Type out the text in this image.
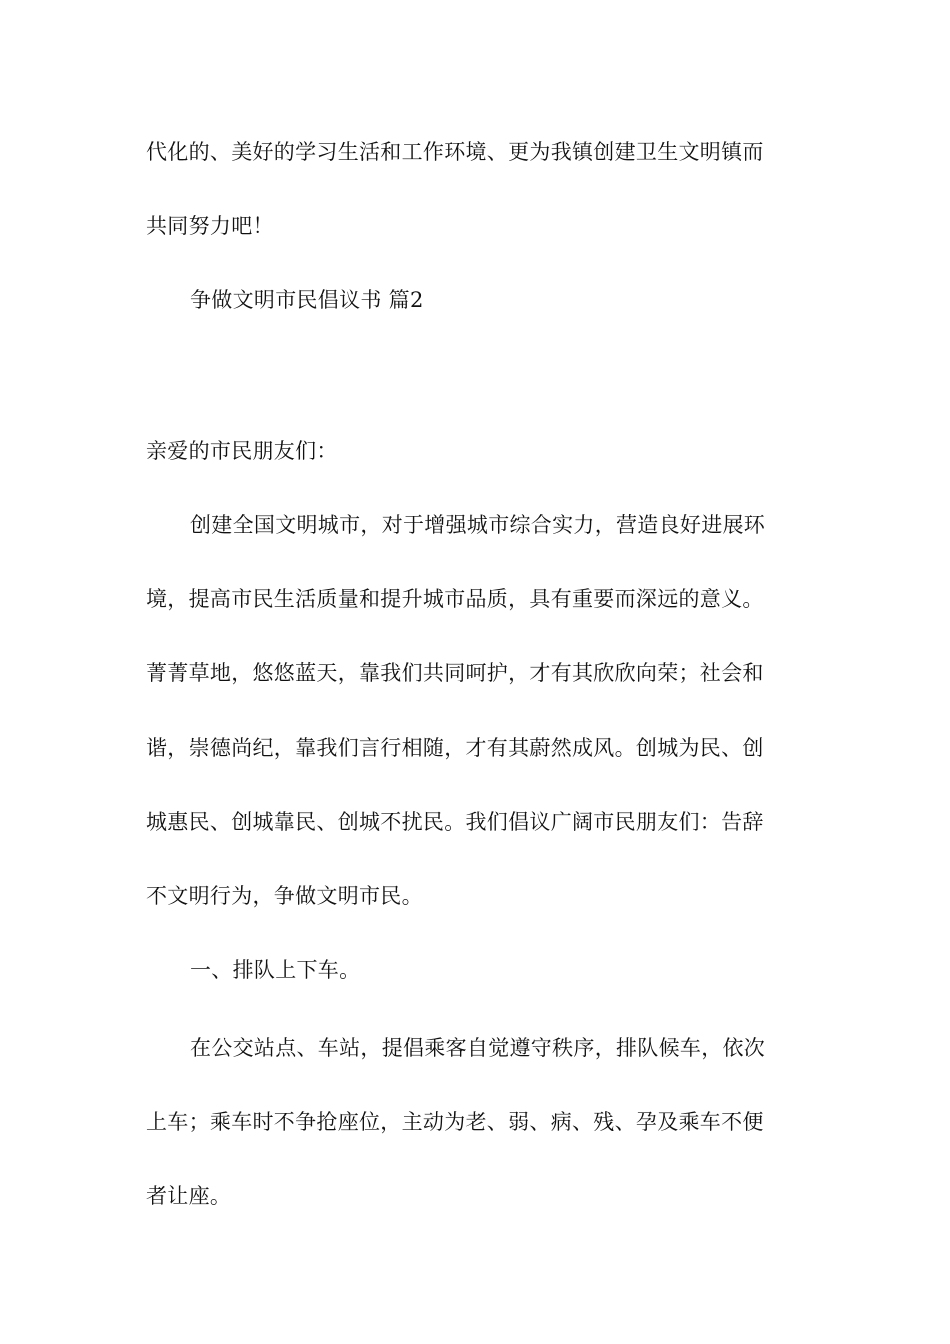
代化的、美好的学习生活和工作环境、更为我镇创建卫生文明镇而
共同努力吧！
争做文明市民倡议书 篇2
亲爱的市民朋友们：
创建全国文明城市，对于增强城市综合实力，营造良好进展环
境，提高市民生活质量和提升城市品质，具有重要而深远的意义。
菁菁草地，悠悠蓝天，靠我们共同呵护，才有其欣欣向荣；社会和
谐，崇德尚纪，靠我们言行相随，才有其蔚然成风。创城为民、创
城惠民、创城靠民、创城不扰民。我们倡议广阔市民朋友们：告辞
不文明行为，争做文明市民。
一、排队上下车。
在公交站点、车站，提倡乘客自觉遵守秩序，排队候车，依次
上车；乘车时不争抢座位，主动为老、弱、病、残、孕及乘车不便
者让座。
